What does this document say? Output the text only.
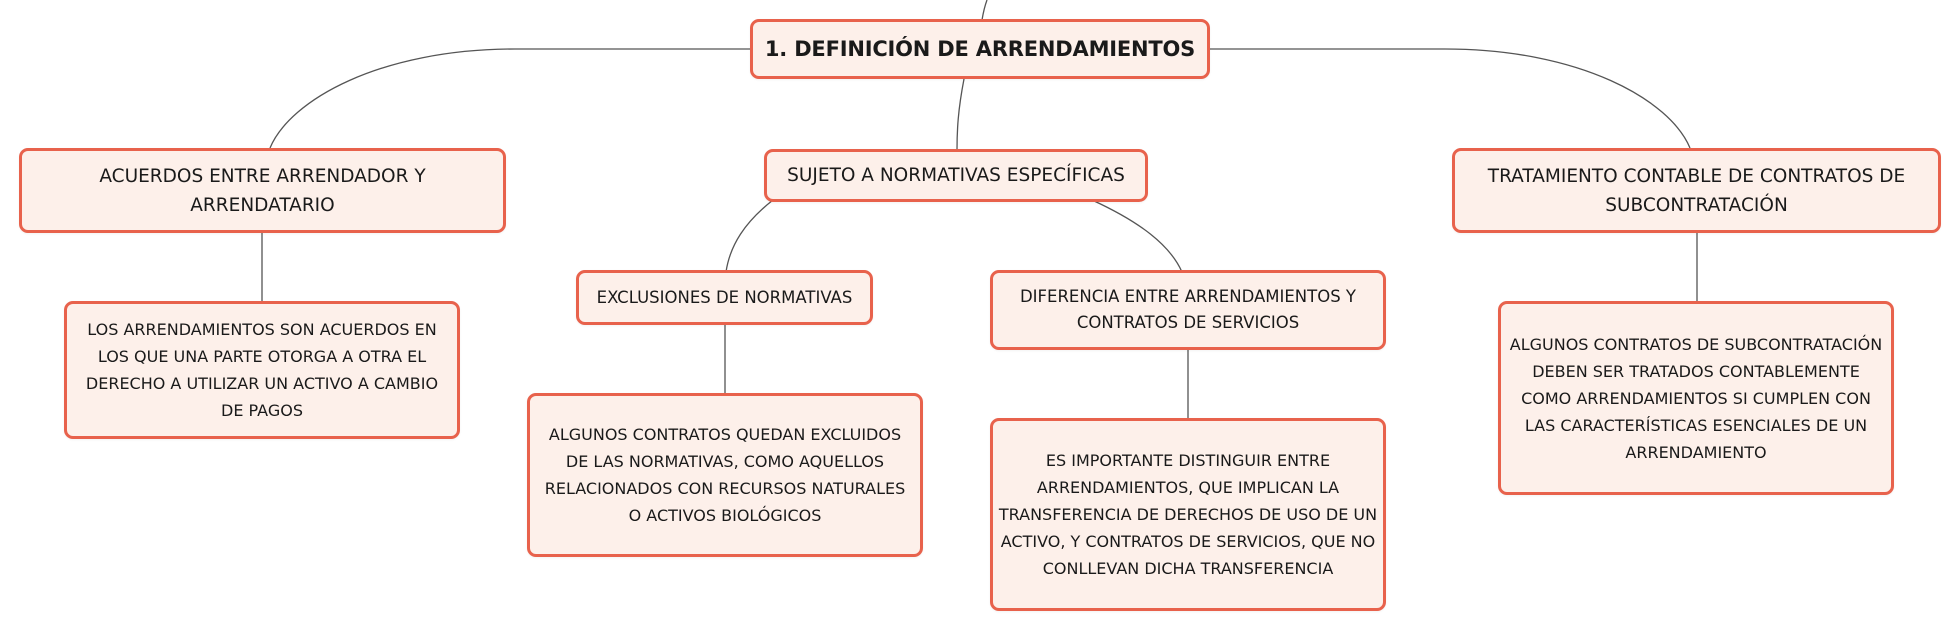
1. DEFINICIÓN DE ARRENDAMIENTOS
ACUERDOS ENTRE ARRENDADOR Y ARRENDATARIO
SUJETO A NORMATIVAS ESPECÍFICAS	TRATAMIENTO CONTABLE DE CONTRATOS DE SUBCONTRATACIÓN
LOS ARRENDAMIENTOS SON ACUERDOS EN LOS QUE UNA PARTE OTORGA A OTRA EL DERECHO A UTILIZAR UN ACTIVO A CAMBIO DE PAGOS
EXCLUSIONES DE NORMATIVAS	DIFERENCIA ENTRE ARRENDAMIENTOS Y CONTRATOS DE SERVICIOS
ALGUNOS CONTRATOS QUEDAN EXCLUIDOS DE LAS NORMATIVAS, COMO AQUELLOS RELACIONADOS CON RECURSOS NATURALES O ACTIVOS BIOLÓGICOS
ES IMPORTANTE DISTINGUIR ENTRE ARRENDAMIENTOS, QUE IMPLICAN LA TRANSFERENCIA DE DERECHOS DE USO DE UN ACTIVO, Y CONTRATOS DE SERVICIOS, QUE NO CONLLEVAN DICHA TRANSFERENCIA
ALGUNOS CONTRATOS DE SUBCONTRATACIÓN DEBEN SER TRATADOS CONTABLEMENTE COMO ARRENDAMIENTOS SI CUMPLEN CON LAS CARACTERÍSTICAS ESENCIALES DE UN ARRENDAMIENTO
